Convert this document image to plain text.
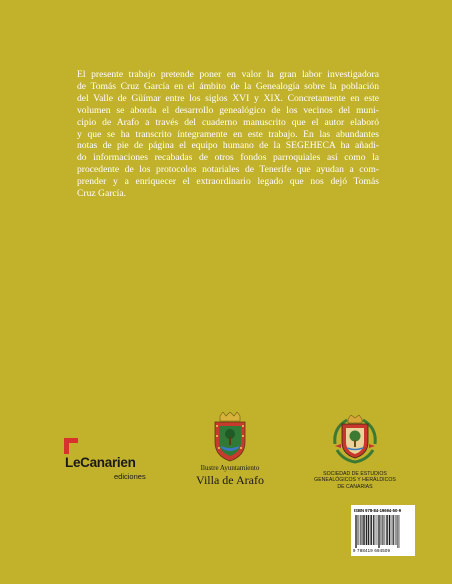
El presente trabajo pretende poner en valor la gran labor investigadora

de Tomás Cruz García en el ámbito de la Genealogía sobre la población

del Valle de Güímar entre los siglos XVI y XIX. Concretamente en este

volumen se aborda el desarrollo genealógico de los vecinos del muni-

cipio de Arafo a través del cuaderno manuscrito que el autor elaboró

y que se ha transcrito íntegramente en este trabajo. En las abundantes

notas de pie de página el equipo humano de la SEGEHECA ha añadi-

do informaciones recabadas de otros fondos parroquiales así como la

procedente de los protocolos notariales de Tenerife que ayudan a com-

prender y a enriquecer el extraordinario legado que nos dejó Tomás

Cruz García.

LeCanarien
ediciones
Ilustre Ayuntamiento
Villa de Arafo	SOCIEDAD DE ESTUDIOS
GENEALÓGICOS Y HERÁLDICOS
DE CANARIAS
ISBN 978-84-19694-50-9
9 788419 694509
